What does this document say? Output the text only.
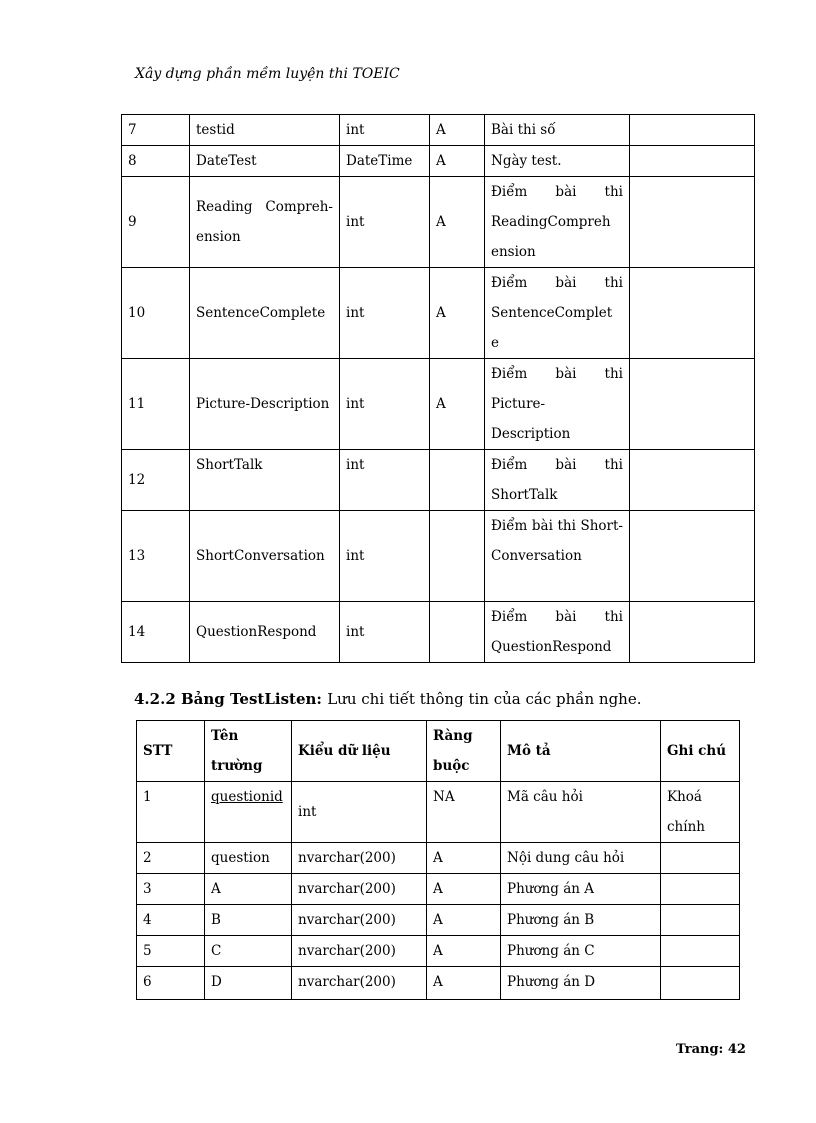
Xây dựng phần mềm luyện thi TOEIC
7	testid	int	A	Bài thi số	
8	DateTest	DateTime	A	Ngày test.	
9	Reading Compreh-ension	int	A	Điểm bài thi ReadingCompreh ension	
10	SentenceComplete	int	A	Điểm bài thi SentenceComplet e	
11	Picture-Description	int	A	Điểm bài thi Picture-Description	
12	ShortTalk	int		Điểm bài thi ShortTalk	
13	ShortConversation	int		Điểm bài thi Short-Conversation	
14	QuestionRespond	int		Điểm bài thi QuestionRespond	
4.2.2 Bảng TestListen: Lưu chi tiết thông tin của các phần nghe.
STT	Tên trường	Kiểu dữ liệu	Ràng buộc	Mô tả	Ghi chú
1	questionid	int	NA	Mã câu hỏi	Khoá chính
2	question	nvarchar(200)	A	Nội dung câu hỏi	
3	A	nvarchar(200)	A	Phương án A	
4	B	nvarchar(200)	A	Phương án B	
5	C	nvarchar(200)	A	Phương án C	
6	D	nvarchar(200)	A	Phương án D	
Trang: 42
